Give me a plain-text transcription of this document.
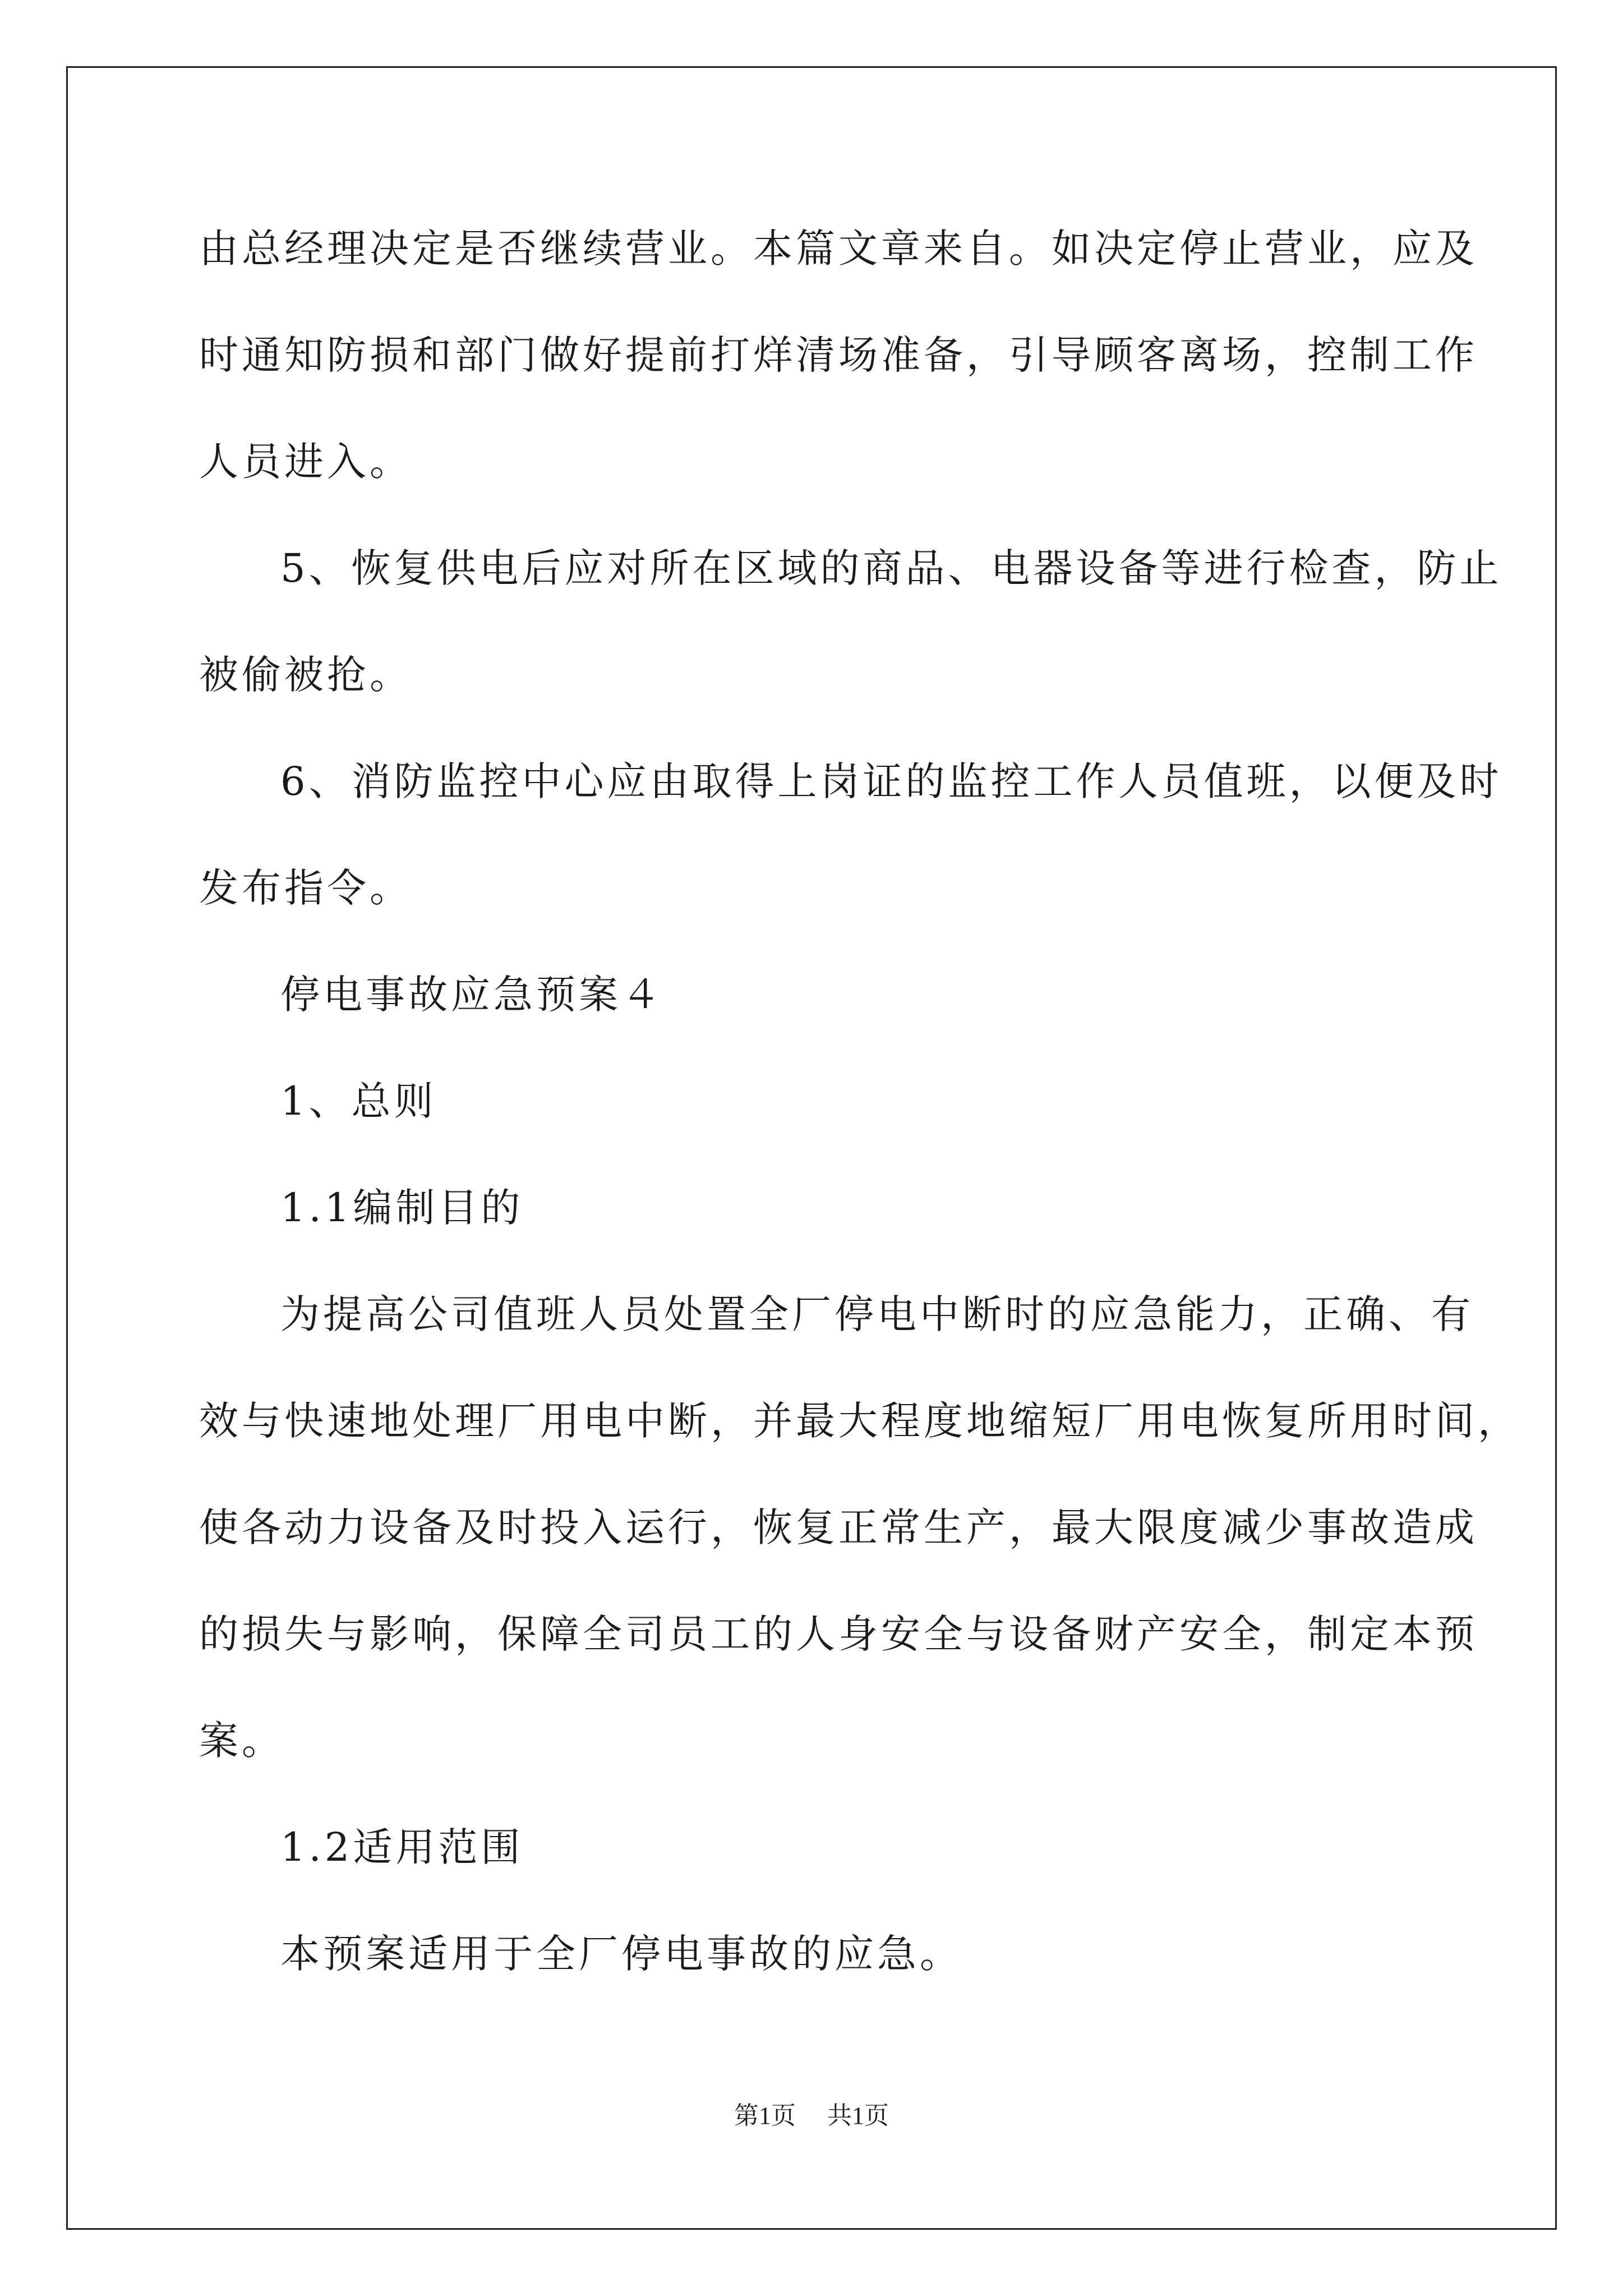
由总经理决定是否继续营业。本篇文章来自。如决定停止营业，应及
时通知防损和部门做好提前打烊清场准备，引导顾客离场，控制工作
人员进入。
5、恢复供电后应对所在区域的商品、电器设备等进行检查，防止
被偷被抢。
6、消防监控中心应由取得上岗证的监控工作人员值班，以便及时
发布指令。
停电事故应急预案４
1、总则
1.1编制目的
为提高公司值班人员处置全厂停电中断时的应急能力，正确、有
效与快速地处理厂用电中断，并最大程度地缩短厂用电恢复所用时间，
使各动力设备及时投入运行，恢复正常生产，最大限度减少事故造成
的损失与影响，保障全司员工的人身安全与设备财产安全，制定本预
案。
1.2适用范围
本预案适用于全厂停电事故的应急。
第1页 共1页
